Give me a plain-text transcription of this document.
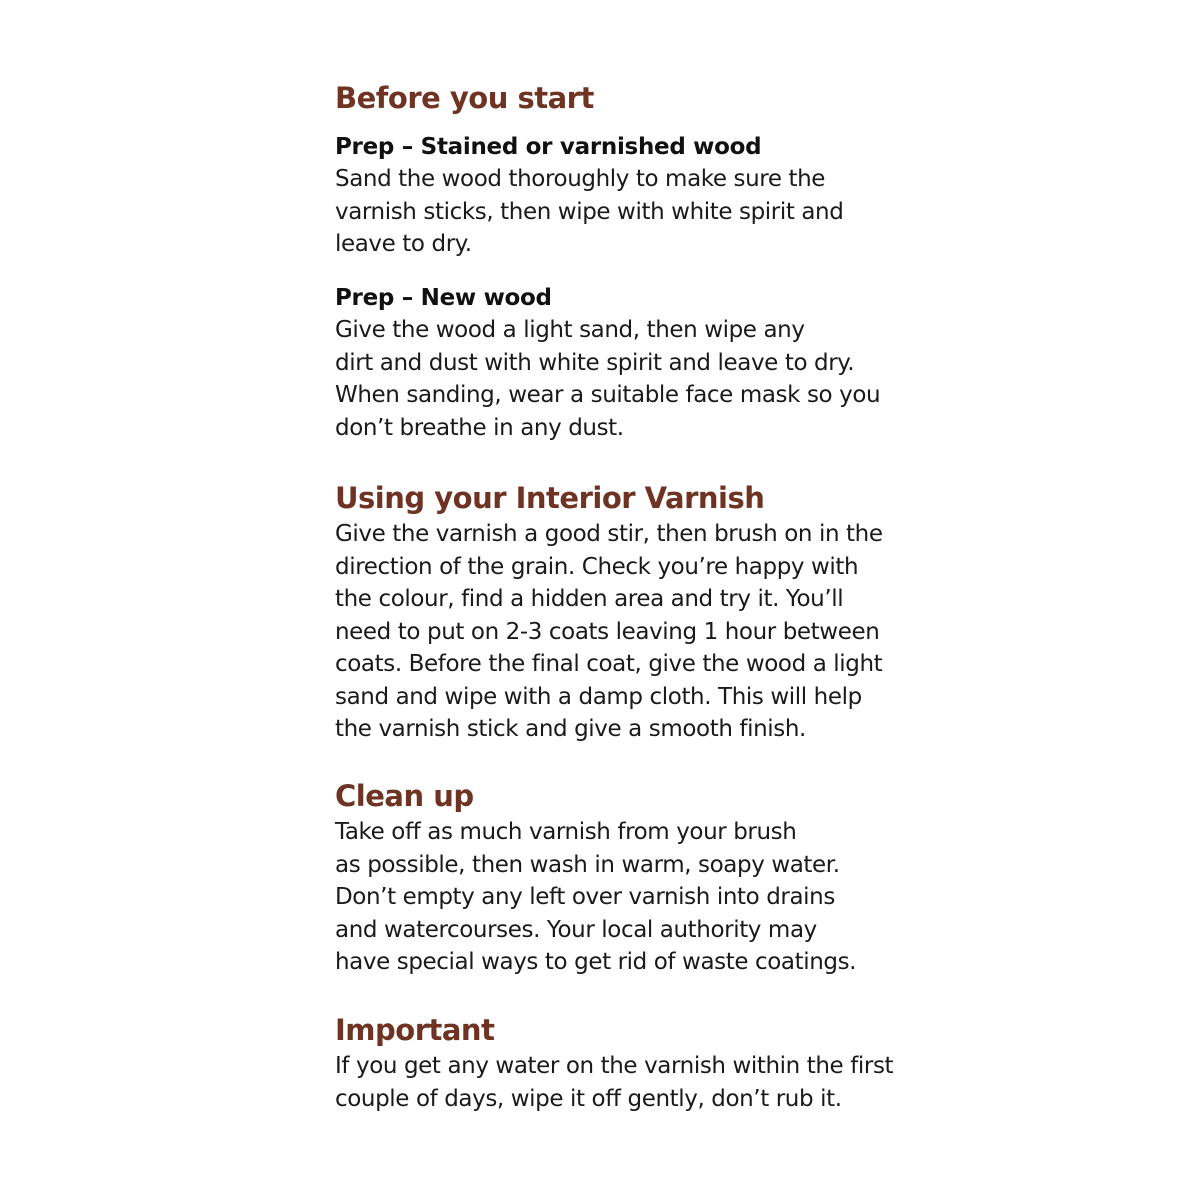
Before you start
Prep – Stained or varnished wood

Sand the wood thoroughly to make sure the
varnish sticks, then wipe with white spirit and
leave to dry.

Prep – New wood

Give the wood a light sand, then wipe any
dirt and dust with white spirit and leave to dry.
When sanding, wear a suitable face mask so you
don’t breathe in any dust.

Using your Interior Varnish

Give the varnish a good stir, then brush on in the
direction of the grain. Check you’re happy with
the colour, find a hidden area and try it. You’ll
need to put on 2-3 coats leaving 1 hour between
coats. Before the final coat, give the wood a light
sand and wipe with a damp cloth. This will help
the varnish stick and give a smooth finish.

Clean up

Take off as much varnish from your brush
as possible, then wash in warm, soapy water.
Don’t empty any left over varnish into drains
and watercourses. Your local authority may
have special ways to get rid of waste coatings.

Important

If you get any water on the varnish within the first
couple of days, wipe it off gently, don’t rub it.
